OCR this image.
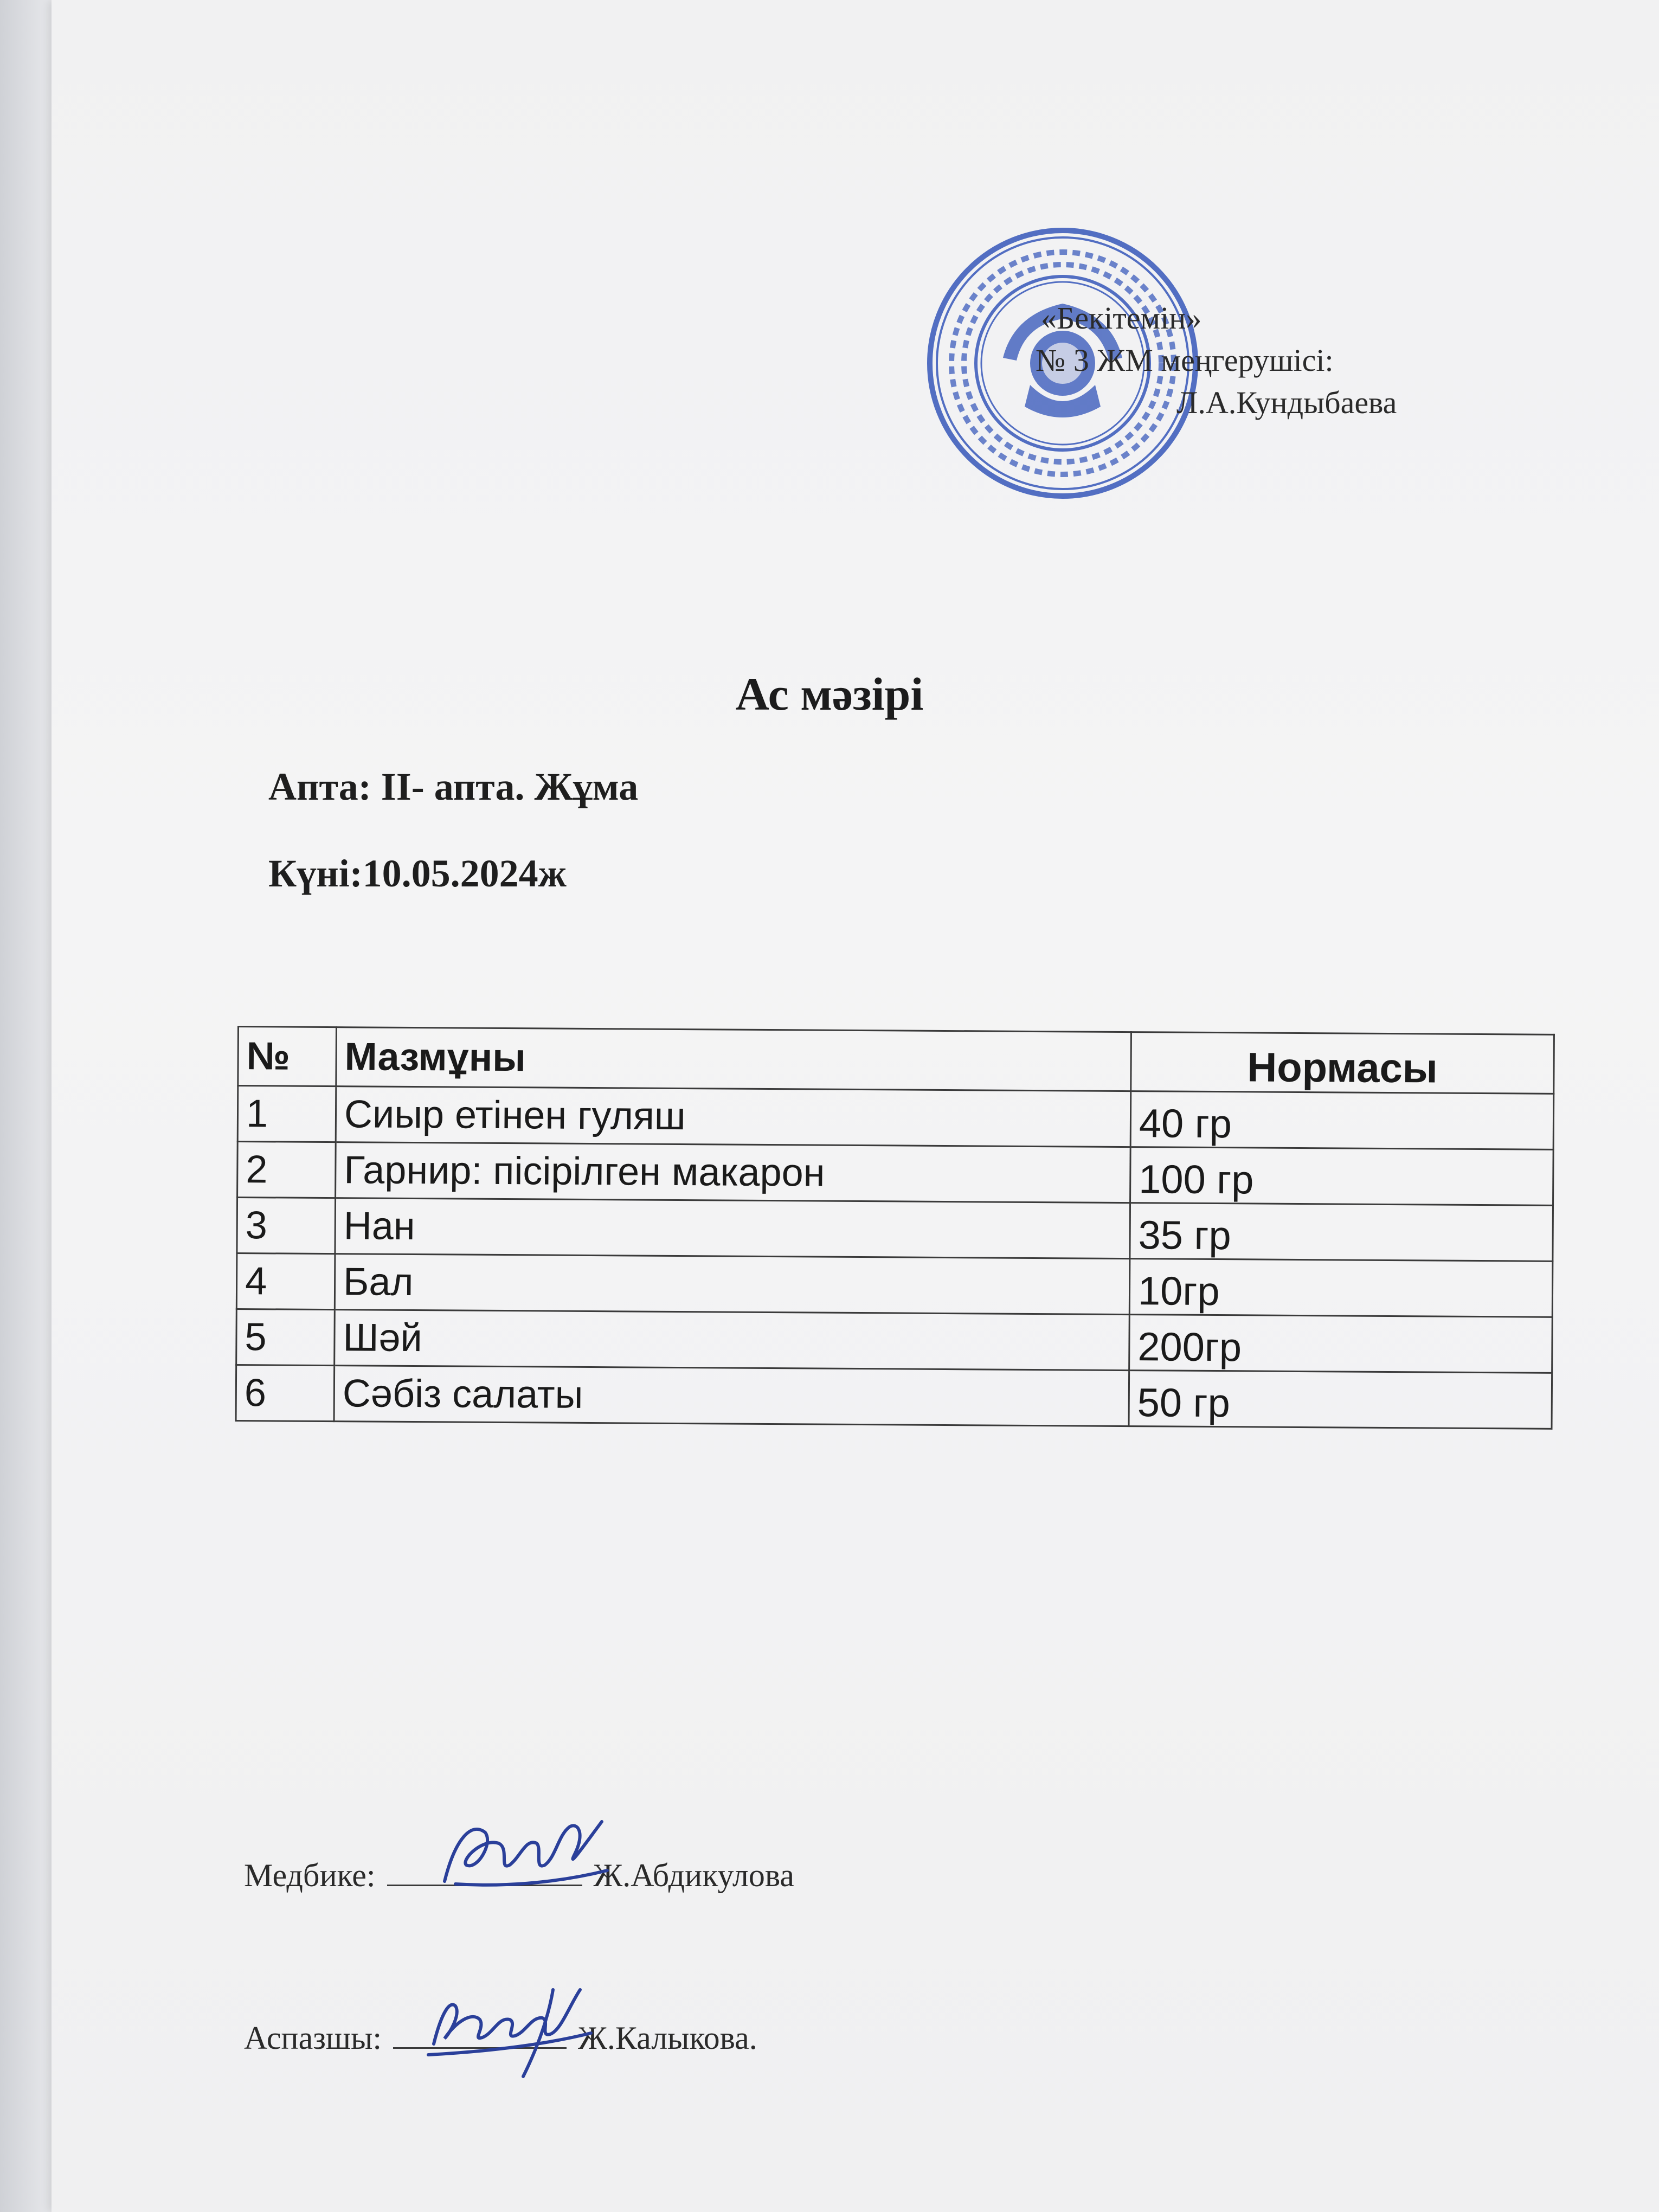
«Бекітемін»
№ 3 ЖМ меңгерушісі:
Л.А.Кундыбаева
Ас мәзірі
Апта: ІІ- апта. Жұма
Күні:10.05.2024ж
№	Мазмұны	Нормасы
1	Сиыр етінен гуляш	40 гр
2	Гарнир: пісірілген макарон	100 гр
3	Нан	35 гр
4	Бал	10гр
5	Шәй	200гр
6	Сәбіз салаты	50 гр
Медбике:	Ж.Абдикулова
Аспазшы:	Ж.Калыкова.
